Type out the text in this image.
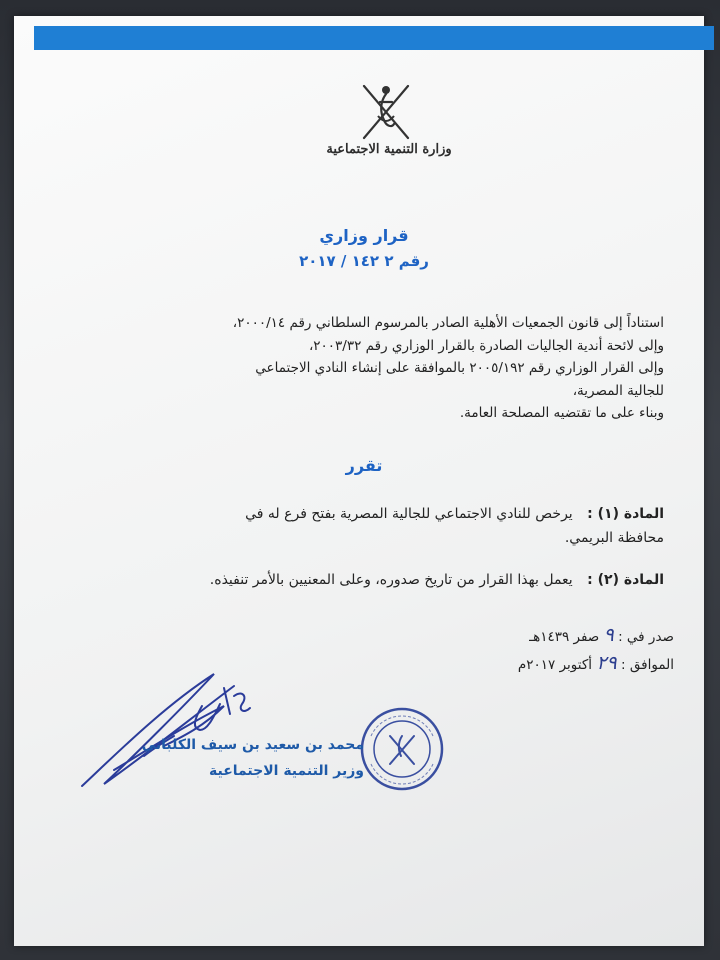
وزارة التنمية الاجتماعية
قرار وزاري
رقم ٢ ١٤٢ / ٢٠١٧
استناداً إلى قانون الجمعيات الأهلية الصادر بالمرسوم السلطاني رقم ٢٠٠٠/١٤،
وإلى لائحة أندية الجاليات الصادرة بالقرار الوزاري رقم ٢٠٠٣/٣٢،
وإلى القرار الوزاري رقم ٢٠٠٥/١٩٢ بالموافقة على إنشاء النادي الاجتماعي
للجالية المصرية،
وبناء على ما تقتضيه المصلحة العامة.
تقرر
المادة (١) : يرخص للنادي الاجتماعي للجالية المصرية بفتح فرع له في
محافظة البريمي.
المادة (٢) : يعمل بهذا القرار من تاريخ صدوره، وعلى المعنيين بالأمر تنفيذه.
صدر في : ٩ صفر ١٤٣٩هـ
الموافق : ٢٩ أكتوبر ٢٠١٧م
محمد بن سعيد بن سيف الكلباني
وزير التنمية الاجتماعية
